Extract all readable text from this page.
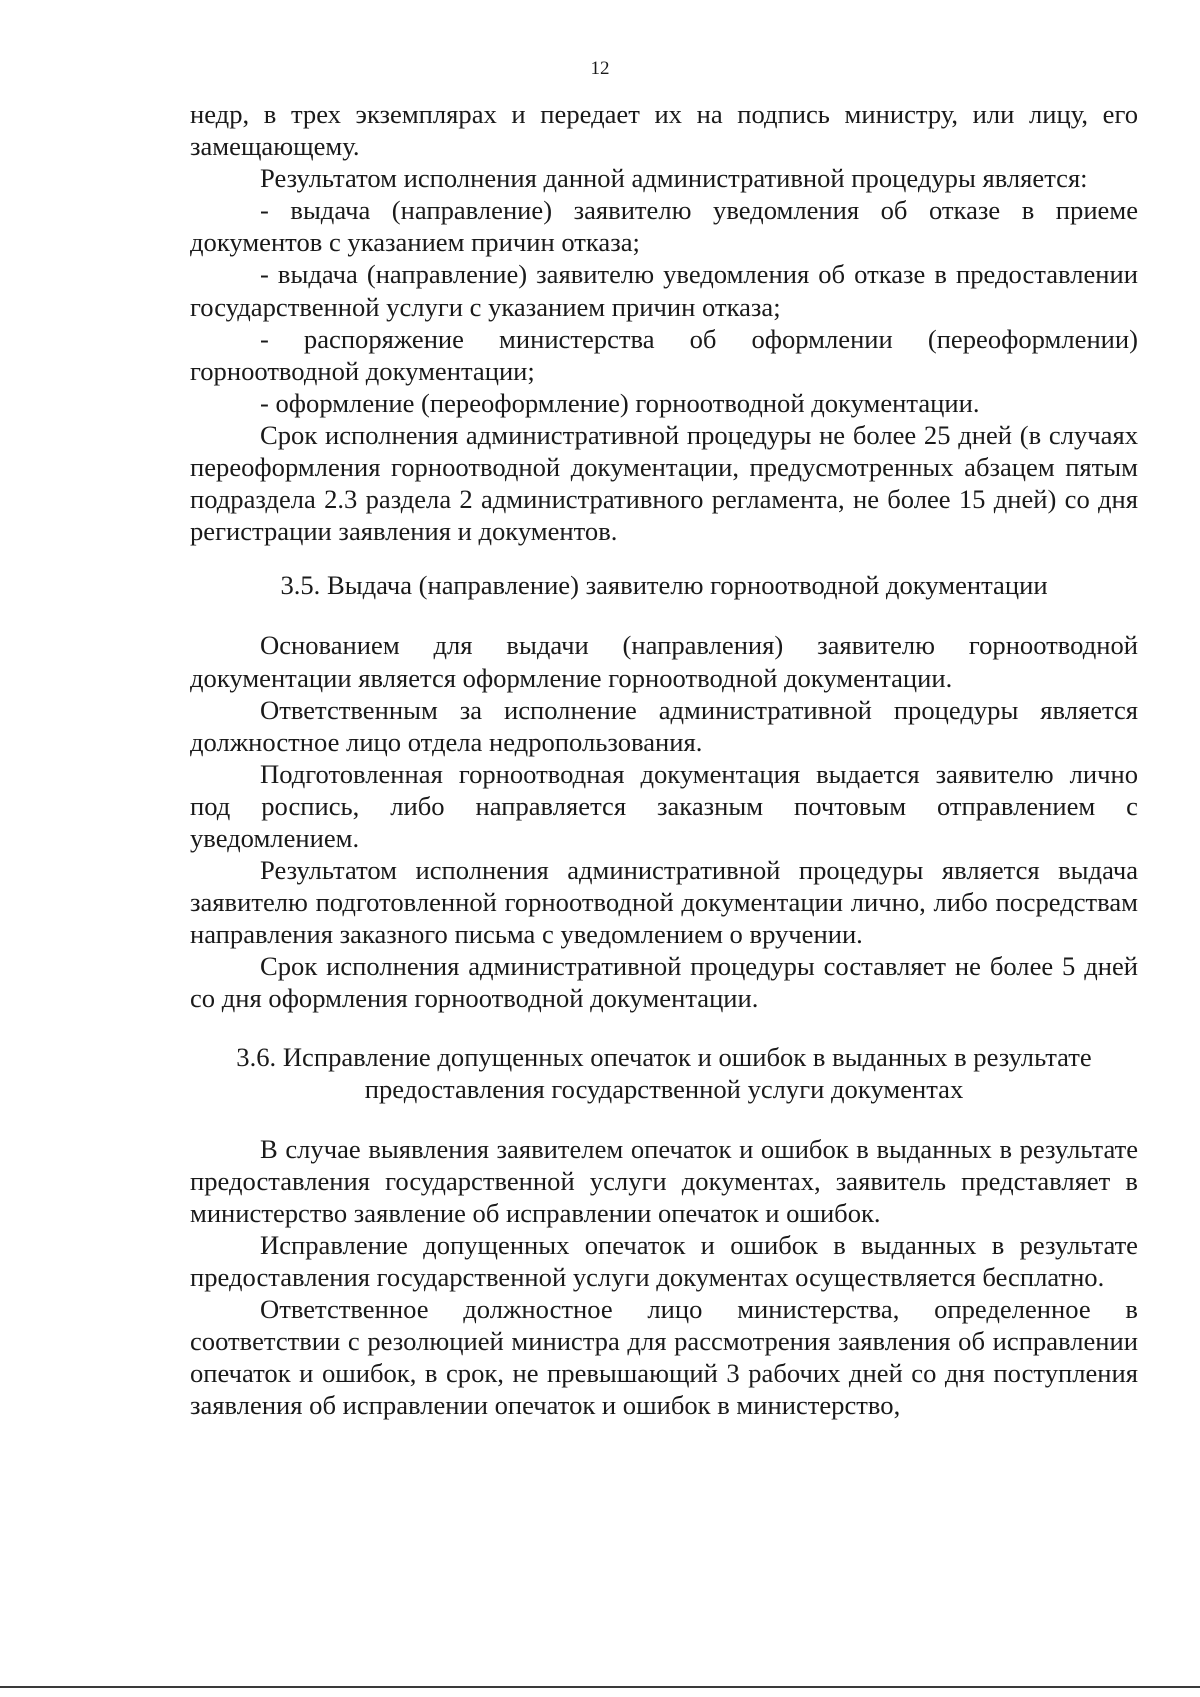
12

недр, в трех экземплярах и передает их на подпись министру, или лицу, его замещающему.

Результатом исполнения данной административной процедуры является:

- выдача (направление) заявителю уведомления об отказе в приеме документов с указанием причин отказа;

- выдача (направление) заявителю уведомления об отказе в предоставлении государственной услуги с указанием причин отказа;

- распоряжение министерства об оформлении (переоформлении) горноотводной документации;

- оформление (переоформление) горноотводной документации.

Срок исполнения административной процедуры не более 25 дней (в случаях переоформления горноотводной документации, предусмотренных абзацем пятым подраздела 2.3 раздела 2 административного регламента, не более 15 дней) со дня регистрации заявления и документов.

3.5. Выдача (направление) заявителю горноотводной документации

Основанием для выдачи (направления) заявителю горноотводной документации является оформление горноотводной документации.

Ответственным за исполнение административной процедуры является должностное лицо отдела недропользования.

Подготовленная горноотводная документация выдается заявителю лично под роспись, либо направляется заказным почтовым отправлением с уведомлением.

Результатом исполнения административной процедуры является выдача заявителю подготовленной горноотводной документации лично, либо посредствам направления заказного письма с уведомлением о вручении.

Срок исполнения административной процедуры составляет не более 5 дней со дня оформления горноотводной документации.

3.6. Исправление допущенных опечаток и ошибок в выданных в результате
предоставления государственной услуги документах

В случае выявления заявителем опечаток и ошибок в выданных в результате предоставления государственной услуги документах, заявитель представляет в министерство заявление об исправлении опечаток и ошибок.

Исправление допущенных опечаток и ошибок в выданных в результате предоставления государственной услуги документах осуществляется бесплатно.

Ответственное должностное лицо министерства, определенное в соответствии с резолюцией министра для рассмотрения заявления об исправлении опечаток и ошибок, в срок, не превышающий 3 рабочих дней со дня поступления заявления об исправлении опечаток и ошибок в министерство,
